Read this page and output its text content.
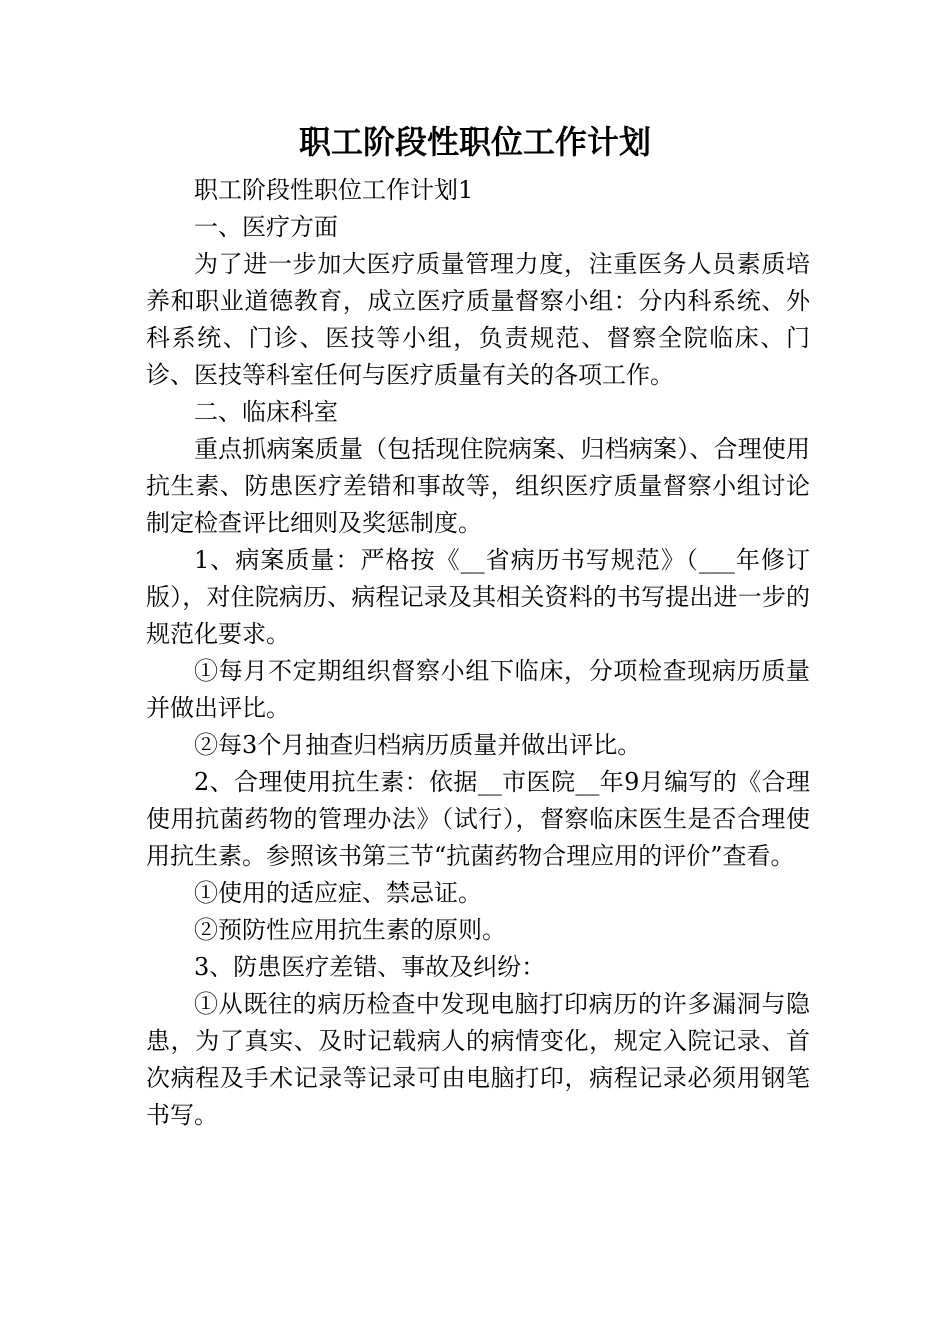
职工阶段性职位工作计划

职工阶段性职位工作计划1

一、医疗方面

为了进一步加大医疗质量管理力度，注重医务人员素质培养和职业道德教育，成立医疗质量督察小组：分内科系统、外科系统、门诊、医技等小组，负责规范、督察全院临床、门诊、医技等科室任何与医疗质量有关的各项工作。

二、临床科室

重点抓病案质量（包括现住院病案、归档病案）、合理使用抗生素、防患医疗差错和事故等，组织医疗质量督察小组讨论制定检查评比细则及奖惩制度。

1、病案质量：严格按《__省病历书写规范》（___年修订版），对住院病历、病程记录及其相关资料的书写提出进一步的规范化要求。

①每月不定期组织督察小组下临床，分项检查现病历质量并做出评比。

②每3个月抽查归档病历质量并做出评比。

2、合理使用抗生素：依据__市医院__年9月编写的《合理使用抗菌药物的管理办法》（试行），督察临床医生是否合理使用抗生素。参照该书第三节“抗菌药物合理应用的评价”查看。

①使用的适应症、禁忌证。

②预防性应用抗生素的原则。

3、防患医疗差错、事故及纠纷：

①从既往的病历检查中发现电脑打印病历的许多漏洞与隐患，为了真实、及时记载病人的病情变化，规定入院记录、首次病程及手术记录等记录可由电脑打印，病程记录必须用钢笔书写。
